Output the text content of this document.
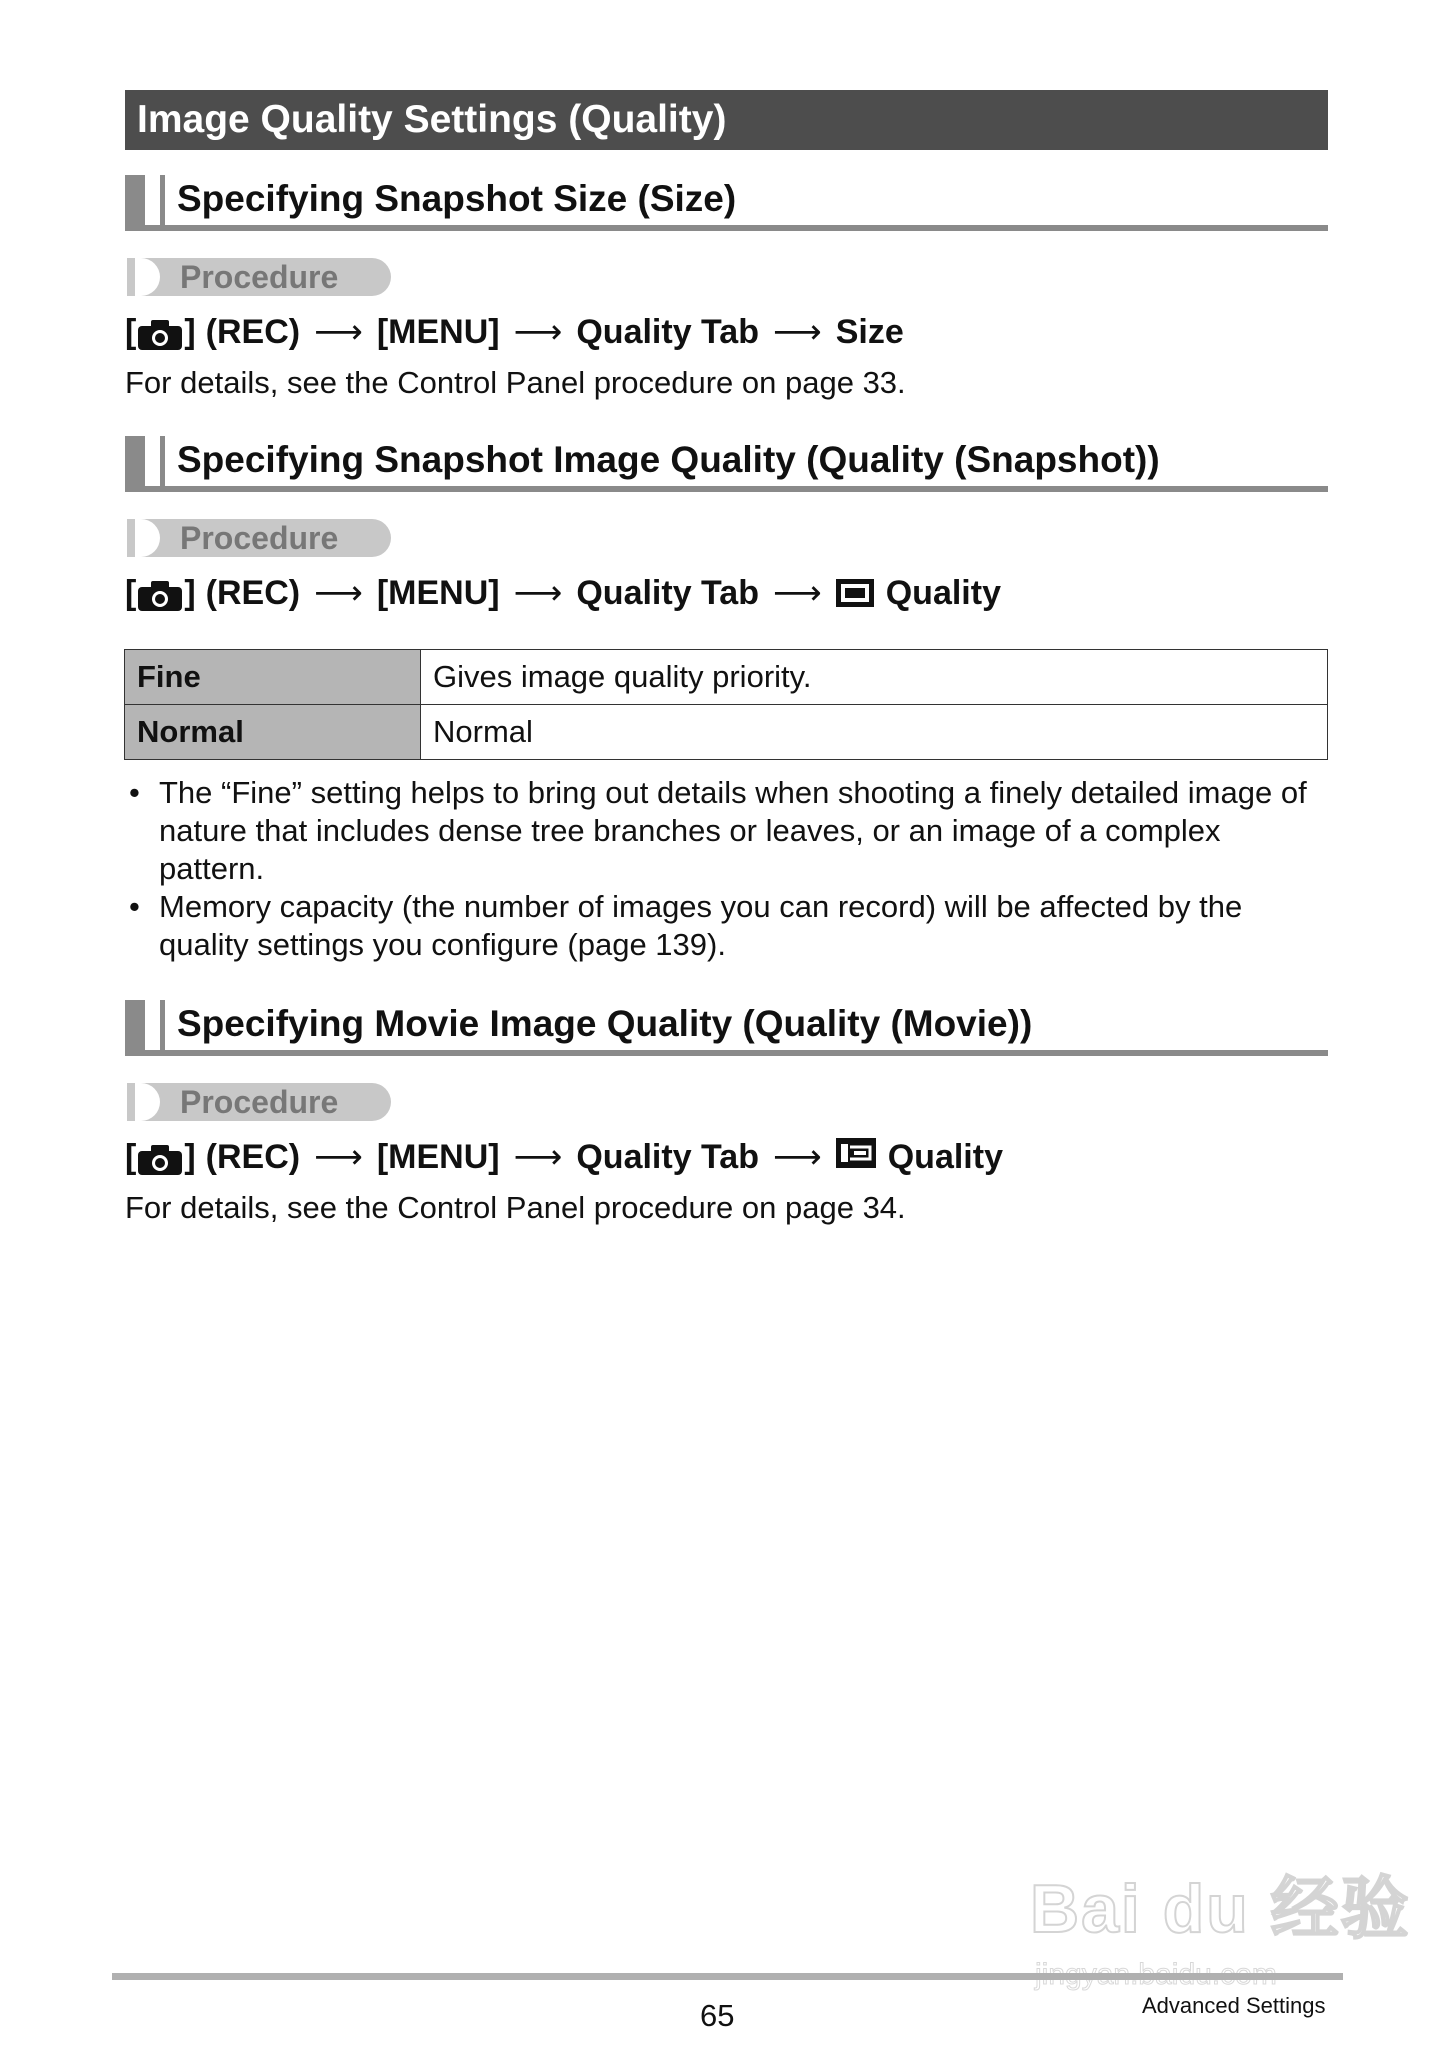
Image Quality Settings (Quality)
Specifying Snapshot Size (Size)
Procedure
[ ] (REC) ⟶ [MENU] ⟶ Quality Tab ⟶ Size
For details, see the Control Panel procedure on page 33.
Specifying Snapshot Image Quality (Quality (Snapshot))
Procedure
[ ] (REC) ⟶ [MENU] ⟶ Quality Tab ⟶ Quality
Fine	Gives image quality priority.
Normal	Normal
• The “Fine” setting helps to bring out details when shooting a finely detailed image of nature that includes dense tree branches or leaves, or an image of a complex pattern.
• Memory capacity (the number of images you can record) will be affected by the quality settings you configure (page 139).
Specifying Movie Image Quality (Quality (Movie))
Procedure
[ ] (REC) ⟶ [MENU] ⟶ Quality Tab ⟶ Quality
For details, see the Control Panel procedure on page 34.
Bai du 经验
65	Advanced Settings
